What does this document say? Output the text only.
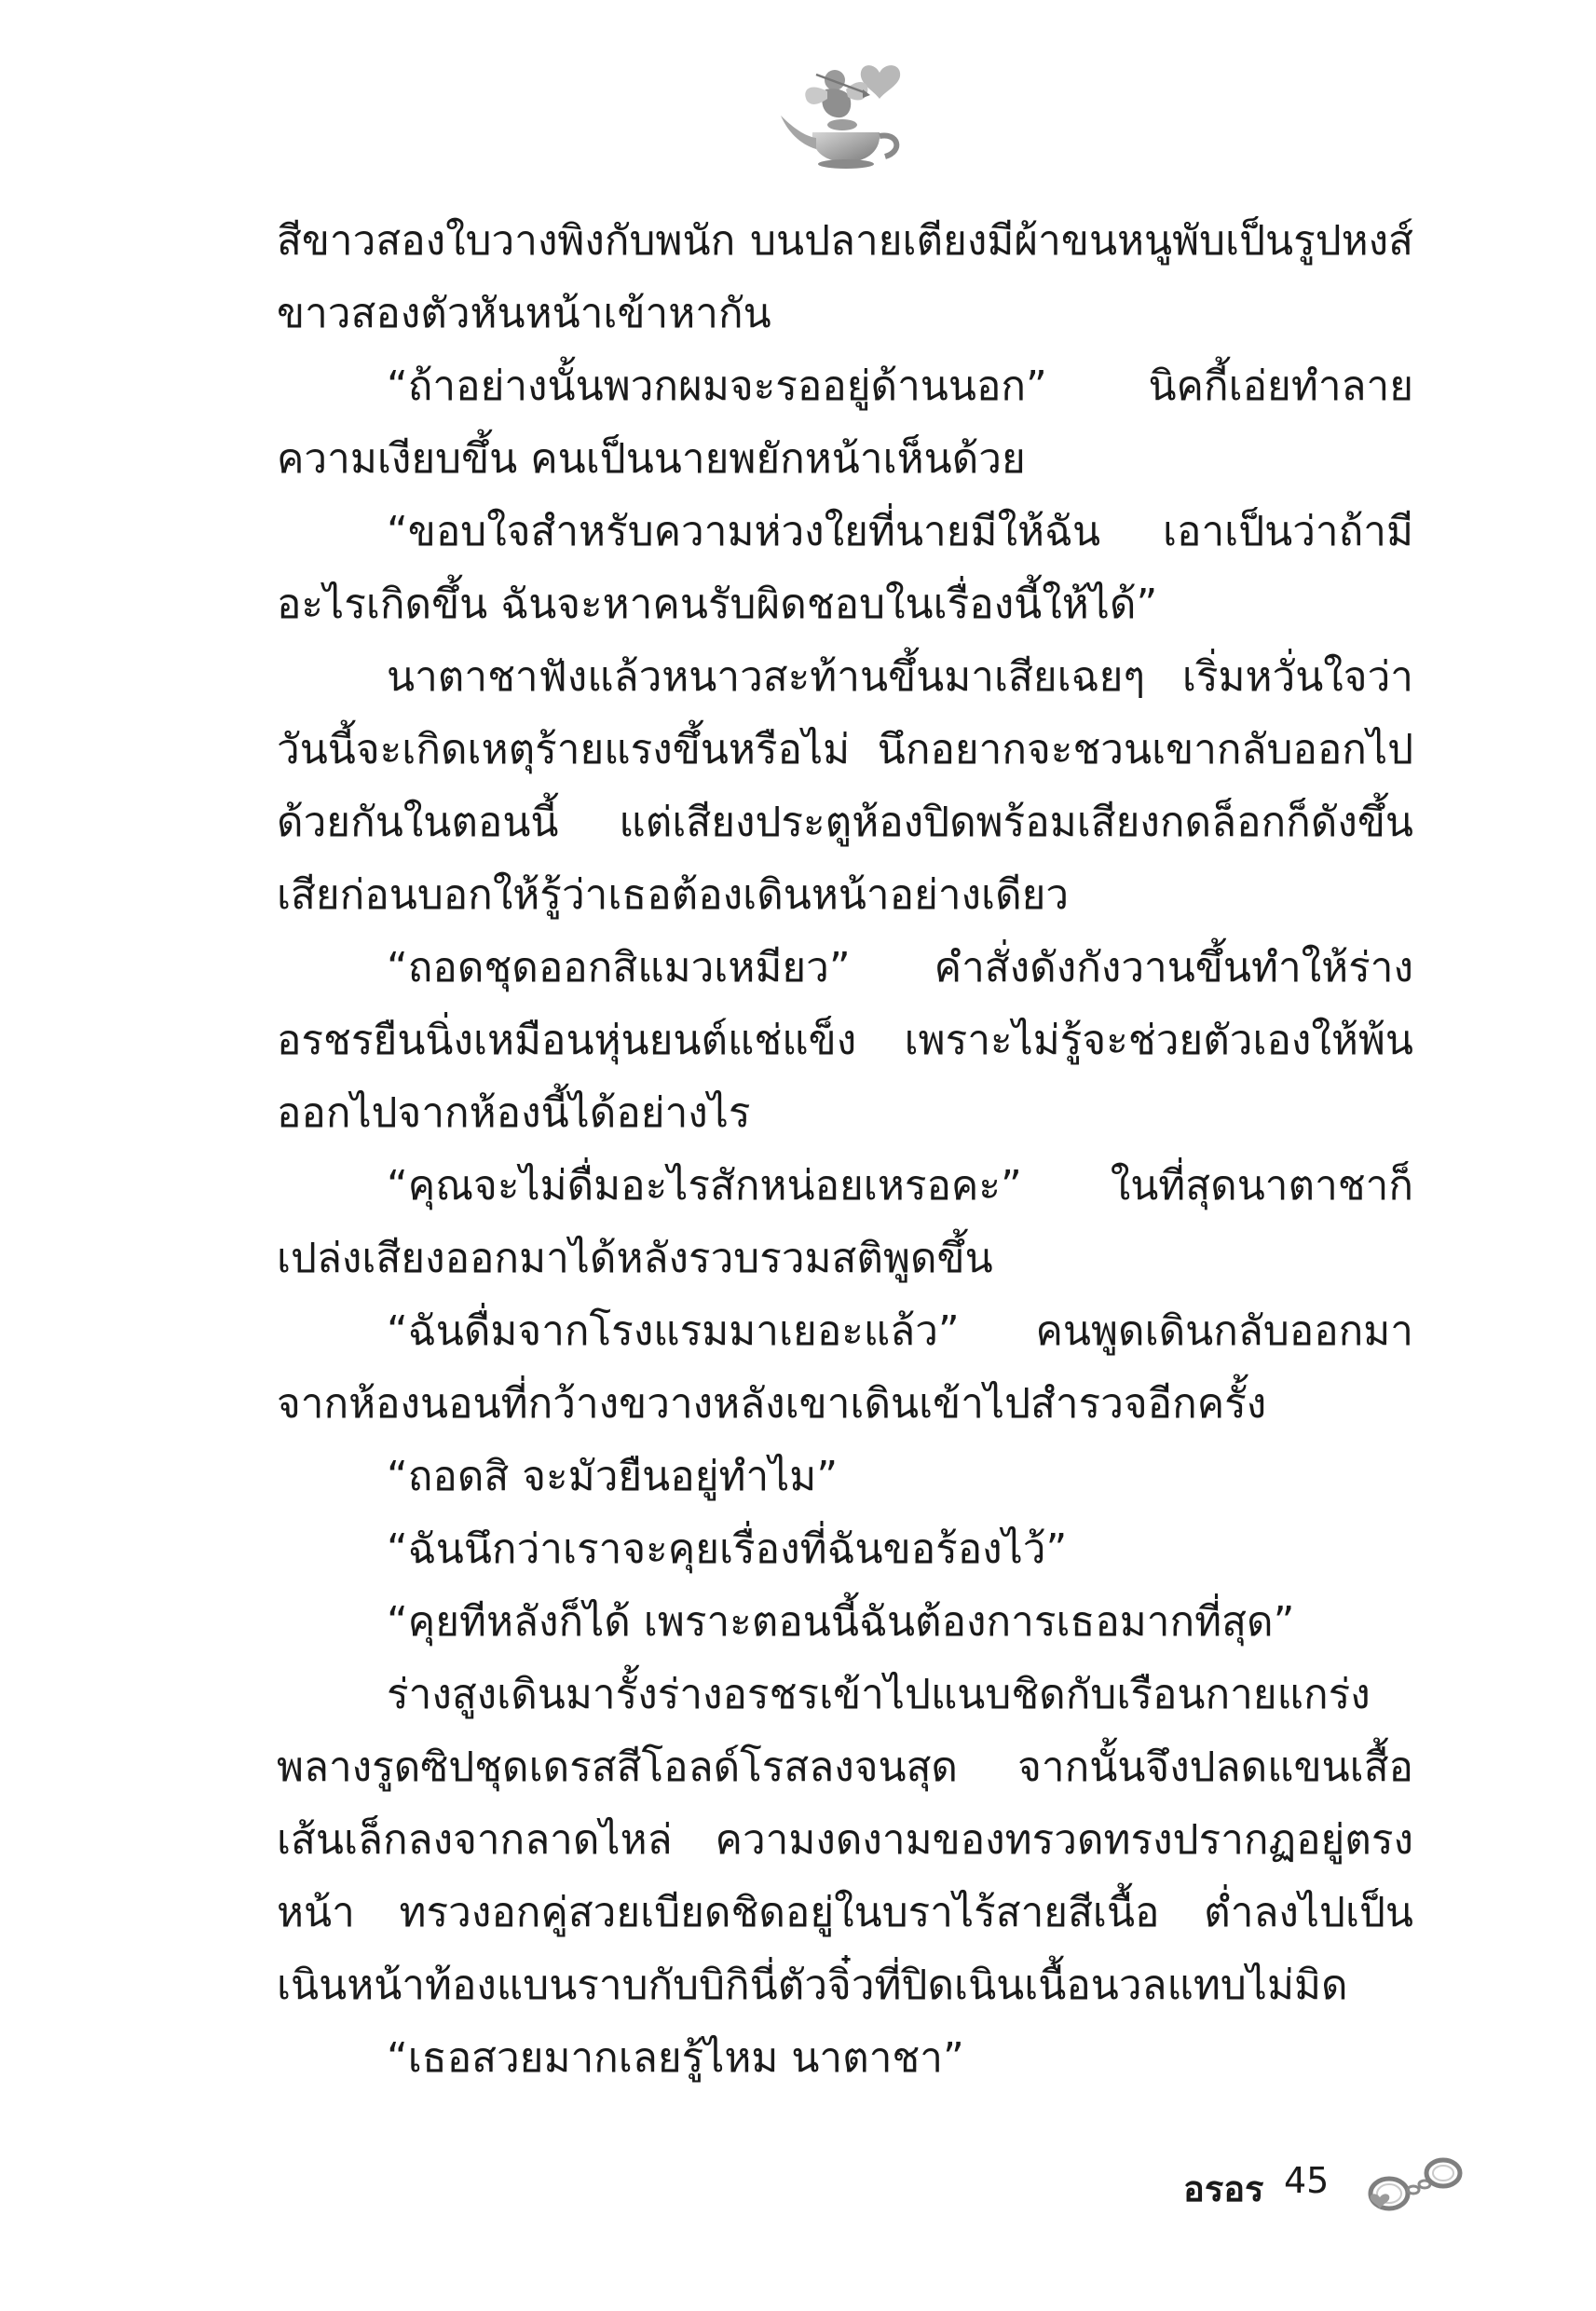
สีขาวสองใบวางพิงกับพนัก บนปลายเตียงมีผ้าขนหนูพับเป็นรูปหงส์ขาวสองตัวหันหน้าเข้าหากัน

“ถ้าอย่างนั้นพวกผมจะรออยู่ด้านนอก” นิคกี้เอ่ยทำลายความเงียบขึ้น คนเป็นนายพยักหน้าเห็นด้วย

“ขอบใจสำหรับความห่วงใยที่นายมีให้ฉัน เอาเป็นว่าถ้ามีอะไรเกิดขึ้น ฉันจะหาคนรับผิดชอบในเรื่องนี้ให้ได้”

นาตาชาฟังแล้วหนาวสะท้านขึ้นมาเสียเฉยๆ เริ่มหวั่นใจว่าวันนี้จะเกิดเหตุร้ายแรงขึ้นหรือไม่ นึกอยากจะชวนเขากลับออกไปด้วยกันในตอนนี้ แต่เสียงประตูห้องปิดพร้อมเสียงกดล็อกก็ดังขึ้นเสียก่อนบอกให้รู้ว่าเธอต้องเดินหน้าอย่างเดียว

“ถอดชุดออกสิแมวเหมียว” คำสั่งดังกังวานขึ้นทำให้ร่างอรชรยืนนิ่งเหมือนหุ่นยนต์แช่แข็ง เพราะไม่รู้จะช่วยตัวเองให้พ้นออกไปจากห้องนี้ได้อย่างไร

“คุณจะไม่ดื่มอะไรสักหน่อยเหรอคะ” ในที่สุดนาตาชาก็เปล่งเสียงออกมาได้หลังรวบรวมสติพูดขึ้น

“ฉันดื่มจากโรงแรมมาเยอะแล้ว” คนพูดเดินกลับออกมาจากห้องนอนที่กว้างขวางหลังเขาเดินเข้าไปสำรวจอีกครั้ง

“ถอดสิ จะมัวยืนอยู่ทำไม”

“ฉันนึกว่าเราจะคุยเรื่องที่ฉันขอร้องไว้”

“คุยทีหลังก็ได้ เพราะตอนนี้ฉันต้องการเธอมากที่สุด”

ร่างสูงเดินมารั้งร่างอรชรเข้าไปแนบชิดกับเรือนกายแกร่งพลางรูดซิปชุดเดรสสีโอลด์โรสลงจนสุด จากนั้นจึงปลดแขนเสื้อเส้นเล็กลงจากลาดไหล่ ความงดงามของทรวดทรงปรากฏอยู่ตรงหน้า ทรวงอกคู่สวยเบียดชิดอยู่ในบราไร้สายสีเนื้อ ต่ำลงไปเป็นเนินหน้าท้องแบนราบกับบิกินี่ตัวจิ๋วที่ปิดเนินเนื้อนวลแทบไม่มิด

“เธอสวยมากเลยรู้ไหม นาตาชา”

อรอร 45
